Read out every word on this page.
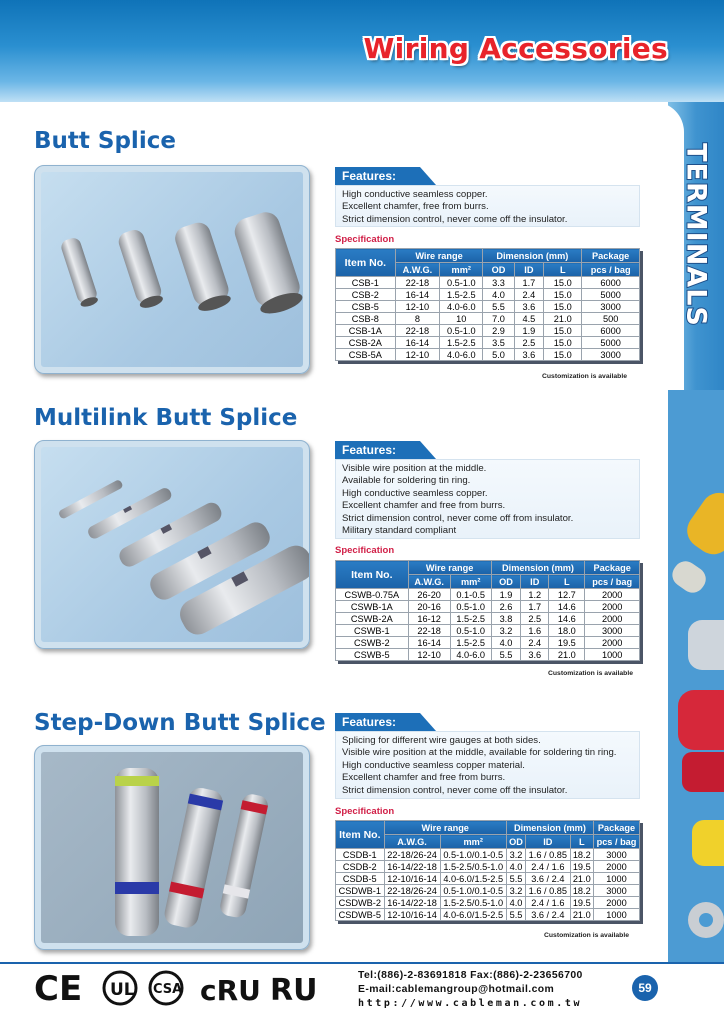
Wiring Accessories
TERMINALS
Butt Splice
Features:
High conductive seamless copper.
Excellent chamfer, free from burrs.
Strict dimension control, never come off the insulator.
Specification
Item No.	Wire range		Dimension (mm)			Package
	A.W.G.	mm²	OD	ID	L	pcs / bag
CSB-1	22-18	0.5-1.0	3.3	1.7	15.0	6000
CSB-2	16-14	1.5-2.5	4.0	2.4	15.0	5000
CSB-5	12-10	4.0-6.0	5.5	3.6	15.0	3000
CSB-8	8	10	7.0	4.5	21.0	500
CSB-1A	22-18	0.5-1.0	2.9	1.9	15.0	6000
CSB-2A	16-14	1.5-2.5	3.5	2.5	15.0	5000
CSB-5A	12-10	4.0-6.0	5.0	3.6	15.0	3000
Customization is available
Multilink Butt Splice
Features:
Visible wire position at the middle.
Available for soldering tin ring.
High conductive seamless copper.
Excellent chamfer and free from burrs.
Strict dimension control, never come off from insulator.
Military standard compliant
Specification
Item No.	Wire range		Dimension (mm)			Package
	A.W.G.	mm²	OD	ID	L	pcs / bag
CSWB-0.75A	26-20	0.1-0.5	1.9	1.2	12.7	2000
CSWB-1A	20-16	0.5-1.0	2.6	1.7	14.6	2000
CSWB-2A	16-12	1.5-2.5	3.8	2.5	14.6	2000
CSWB-1	22-18	0.5-1.0	3.2	1.6	18.0	3000
CSWB-2	16-14	1.5-2.5	4.0	2.4	19.5	2000
CSWB-5	12-10	4.0-6.0	5.5	3.6	21.0	1000
Customization is available
Step-Down Butt Splice	Features:
Splicing for different wire gauges at both sides.
Visible wire position at the middle, available for soldering tin ring.
High conductive seamless copper material.
Excellent chamfer and free from burrs.
Strict dimension control, never come off the insulator.
Specification
Item No.	Wire range		Dimension (mm)			Package
	A.W.G.	mm²	OD	ID	L	pcs / bag
CSDB-1	22-18/26-24	0.5-1.0/0.1-0.5	3.2	1.6 / 0.85	18.2	3000
CSDB-2	16-14/22-18	1.5-2.5/0.5-1.0	4.0	2.4 / 1.6	19.5	2000
CSDB-5	12-10/16-14	4.0-6.0/1.5-2.5	5.5	3.6 / 2.4	21.0	1000
CSDWB-1	22-18/26-24	0.5-1.0/0.1-0.5	3.2	1.6 / 0.85	18.2	3000
CSDWB-2	16-14/22-18	1.5-2.5/0.5-1.0	4.0	2.4 / 1.6	19.5	2000
CSDWB-5	12-10/16-14	4.0-6.0/1.5-2.5	5.5	3.6 / 2.4	21.0	1000
Customization is available
CE UL CSA cRU RU	Tel:(886)-2-83691818 Fax:(886)-2-23656700
E-mail:cablemangroup@hotmail.com
http://www.cableman.com.tw
59
